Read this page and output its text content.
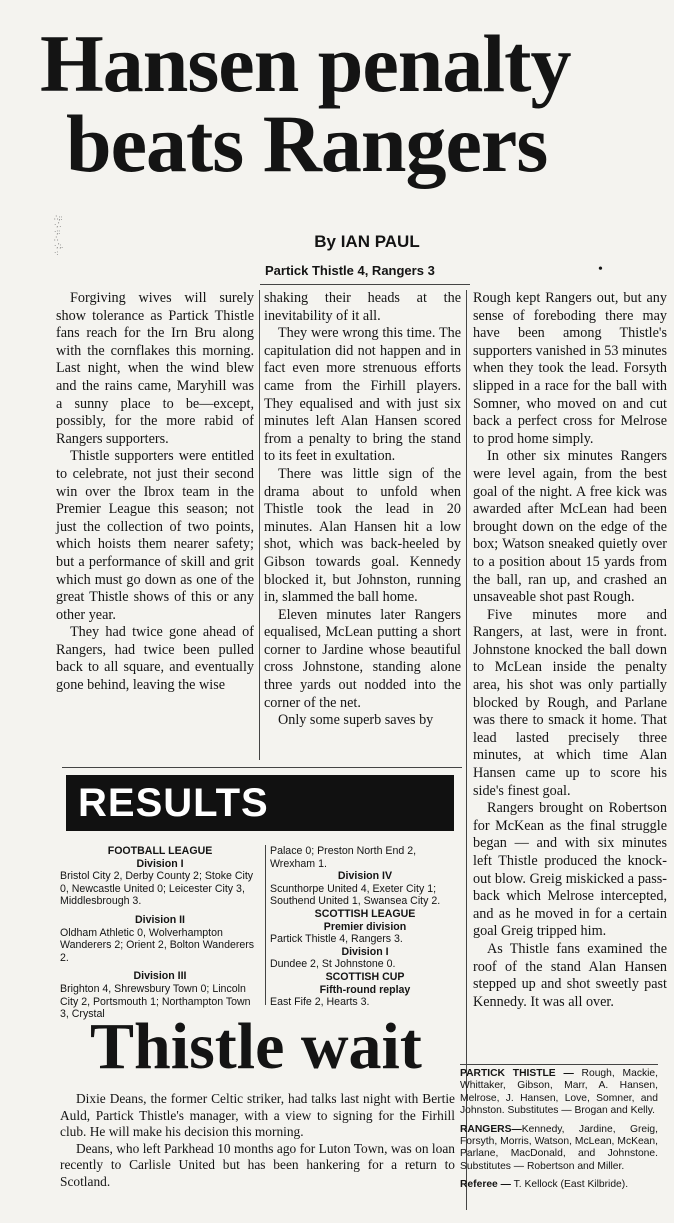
Hansen penalty
beats Rangers
∴;:·,'.·;:∴·,';.·:
By IAN PAUL
Partick Thistle 4, Rangers 3	•

Forgiving wives will surely show tolerance as Partick Thistle fans reach for the Irn Bru along with the cornflakes this morning. Last night, when the wind blew and the rains came, Maryhill was a sunny place to be—except, possibly, for the more rabid of Rangers supporters.

Thistle supporters were entitled to celebrate, not just their second win over the Ibrox team in the Premier League this season; not just the collection of two points, which hoists them nearer safety; but a performance of skill and grit which must go down as one of the great Thistle shows of this or any other year.

They had twice gone ahead of Rangers, had twice been pulled back to all square, and eventually gone behind, leaving the wise

shaking their heads at the inevitability of it all.

They were wrong this time. The capitulation did not happen and in fact even more strenuous efforts came from the Firhill players. They equalised and with just six minutes left Alan Hansen scored from a penalty to bring the stand to its feet in exultation.

There was little sign of the drama about to unfold when Thistle took the lead in 20 minutes. Alan Hansen hit a low shot, which was back-heeled by Gibson towards goal. Kennedy blocked it, but Johnston, running in, slammed the ball home.

Eleven minutes later Rangers equalised, McLean putting a short corner to Jardine whose beautiful cross Johnstone, standing alone three yards out nodded into the corner of the net.

Only some superb saves by

Rough kept Rangers out, but any sense of foreboding there may have been among Thistle's supporters vanished in 53 minutes when they took the lead. Forsyth slipped in a race for the ball with Somner, who moved on and cut back a perfect cross for Melrose to prod home simply.

In other six minutes Rangers were level again, from the best goal of the night. A free kick was awarded after McLean had been brought down on the edge of the box; Watson sneaked quietly over to a position about 15 yards from the ball, ran up, and crashed an unsaveable shot past Rough.

Five minutes more and Rangers, at last, were in front. Johnstone knocked the ball down to McLean inside the penalty area, his shot was only partially blocked by Rough, and Parlane was there to smack it home. That lead lasted precisely three minutes, at which time Alan Hansen came up to score his side's finest goal.

Rangers brought on Robertson for McKean as the final struggle began — and with six minutes left Thistle produced the knock-out blow. Greig miskicked a pass-back which Melrose intercepted, and as he moved in for a certain goal Greig tripped him.

As Thistle fans examined the roof of the stand Alan Hansen stepped up and shot sweetly past Kennedy. It was all over.

RESULTS
FOOTBALL LEAGUE
Division I
Bristol City 2, Derby County 2; Stoke City 0, Newcastle United 0; Leicester City 3, Middlesbrough 3.
Division II
Oldham Athletic 0, Wolverhampton Wanderers 2; Orient 2, Bolton Wanderers 2.
Division III
Brighton 4, Shrewsbury Town 0; Lincoln City 2, Portsmouth 1; Northampton Town 3, Crystal
Palace 0; Preston North End 2, Wrexham 1.
Division IV
Scunthorpe United 4, Exeter City 1; Southend United 1, Swansea City 2.
SCOTTISH LEAGUE
Premier division
Partick Thistle 4, Rangers 3.
Division I
Dundee 2, St Johnstone 0.
SCOTTISH CUP
Fifth-round replay
East Fife 2, Hearts 3.
Thistle wait

Dixie Deans, the former Celtic striker, had talks last night with Bertie Auld, Partick Thistle's manager, with a view to signing for the Firhill club. He will make his decision this morning.

Deans, who left Parkhead 10 months ago for Luton Town, was on loan recently to Carlisle United but has been hankering for a return to Scotland.

PARTICK THISTLE — Rough, Mackie, Whittaker, Gibson, Marr, A. Hansen, Melrose, J. Hansen, Love, Somner, and Johnston. Substitutes — Brogan and Kelly.

RANGERS—Kennedy, Jardine, Greig, Forsyth, Morris, Watson, McLean, McKean, Parlane, MacDonald, and Johnstone. Substitutes — Robertson and Miller.

Referee — T. Kellock (East Kilbride).
